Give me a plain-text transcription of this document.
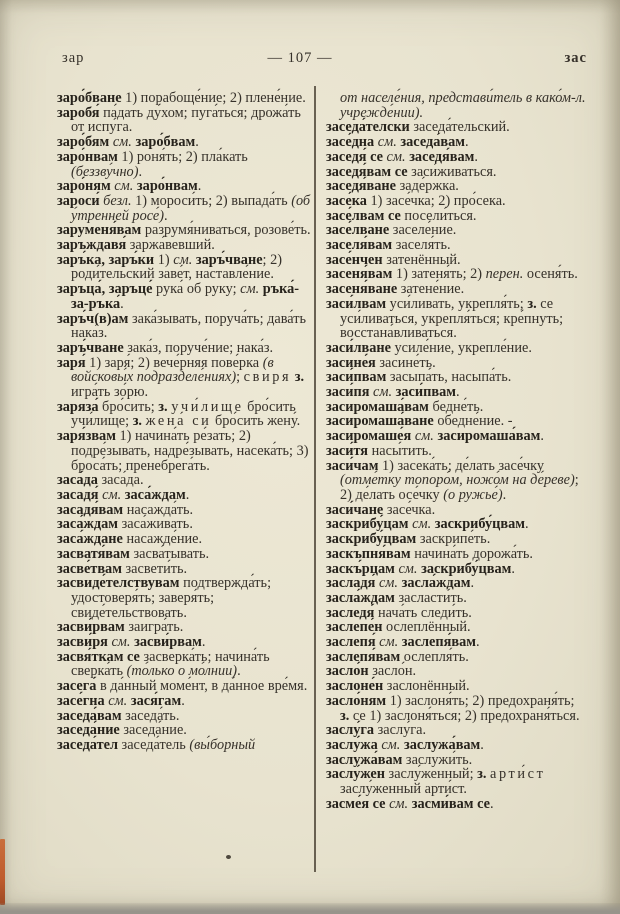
зар	— 107 —	зас

заро́бване 1) порабоще́ние; 2) плене́ние.

заробя́ па́дать ду́хом; пуга́ться; дрожа́ть от испу́га.

заро́бям см. заро́бвам.

заро́нвам 1) роня́ть; 2) пла́кать (беззву́чно).

заро́ням см. заро́нвам.

зароси́ безл. 1) мороси́ть; 2) выпада́ть (об у́тренней росе́).

заруменя́вам разрумя́ниваться, розове́ть.

заръждавя́ заржа́вевший.

заръ́ка, заръ́ки 1) см. заръ́чване; 2) роди́тельский заве́т, наставле́ние.

заръца́, заръце́ рука́ об руку; см. ръка́-за-ръка́.

заръ́ч(в)ам зака́зывать, поруча́ть; дава́ть нака́з.

заръ́чване зака́з, поруче́ние; нака́з.

заря́ 1) заря́; 2) вече́рняя пове́рка (в войсковы́х подразделе́ниях); свиря з. игра́ть зо́рю.

заряза́ бро́сить; з. учи́лище бро́сить учи́лище; з. жена́ си бро́сить жену́.

заря́звам 1) начина́ть ре́зать; 2) подре́зывать, надре́зывать, насека́ть; 3) броса́ть; пренебрега́ть.

заса́да заса́да.

засадя́ см. заса́ждам.

засадя́вам насажда́ть.

заса́ждам заса́живать.

заса́ждане насажде́ние.

засватя́вам засва́тывать.

засве́твам засвети́ть.

засвиде́телствувам подтвержда́ть; удостоверя́ть; заверя́ть; свиде́тельствовать.

засви́рвам заигра́ть.

засви́ря см. засви́рвам.

засвя́ткам се засверка́ть; начина́ть сверка́ть (то́лько о мо́лнии).

засега́ в да́нный моме́нт, в да́нное вре́мя.

засе́гна см. зася́гам.

заседа́вам заседа́ть.

заседа́ние заседа́ние.

заседа́тел заседа́тель (вы́борный

от населе́ния, представи́тель в како́м-л. учрежде́нии).

заседа́телски заседа́тельский.

засе́дна см. заседа́вам.

заседя́ се см. заседя́вам.

заседя́вам се заси́живаться.

заседя́ване заде́ржка.

засе́ка 1) засе́чка; 2) про́сека.

засе́лвам се посели́ться.

засе́лване заселе́ние.

заселя́вам заселя́ть.

засе́нчен затенённый.

засеня́вам 1) затеня́ть; 2) перен. осеня́ть.

засеня́ване затене́ние.

заси́лвам уси́ливать, укрепля́ть; з. се уси́ливаться, укрепля́ться; кре́пнуть; восстана́вливаться.

заси́лване усиле́ние, укрепле́ние.

засине́я засине́ть.

заси́пвам засыпа́ть, насыпа́ть.

заси́пя см. заси́пвам.

засиромаша́вам бедне́ть.

засиромаша́ване обедне́ние. -

засиромаше́я см. засиромаша́вам.

заси́тя насы́тить.

заси́чам 1) засека́ть; де́лать засе́чку (отме́тку топоро́м, ножо́м на де́реве); 2) де́лать осе́чку (о ружье́).

заси́чане засе́чка.

заскрибу́цам см. заскрибу́цвам.

заскрибу́цвам заскрипе́ть.

заскъпня́вам начина́ть дорожа́ть.

заскъ́рцам см. заскрибу́цвам.

засладя́ см. засла́ждам.

засла́ждам засласти́ть.

заследя́ нача́ть следи́ть.

заслепе́н ослеплённый.

заслепя́ см. заслепя́вам.

заслепя́вам ослепля́ть.

засло́н засло́н.

заслоне́н заслонённый.

засло́ням 1) заслоня́ть; 2) предохраня́ть; з. се 1) заслоня́ться; 2) предохраня́ться.

заслу́га заслу́га.

заслу́жа см. заслужа́вам.

заслужа́вам заслужи́ть.

заслу́жен заслу́женный; з. арти́ст заслу́женный арти́ст.

засме́я се см. засми́вам се.
